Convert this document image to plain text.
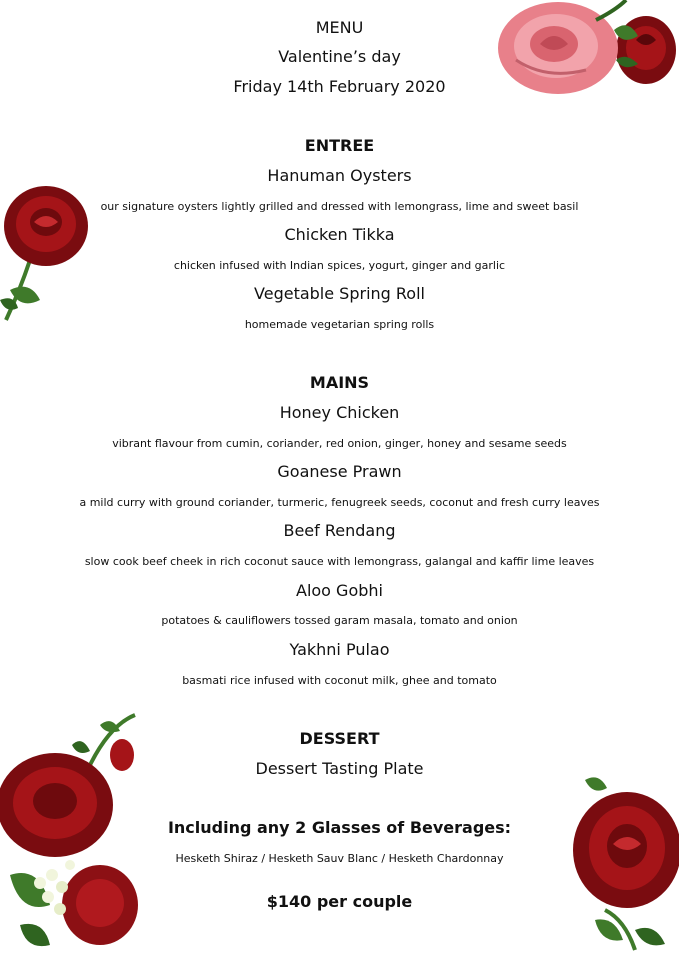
MENU
Valentine’s day
Friday 14th February 2020
ENTREE
Hanuman Oysters
our signature oysters lightly grilled and dressed with lemongrass, lime and sweet basil
Chicken Tikka
chicken infused with Indian spices, yogurt, ginger and garlic
Vegetable Spring Roll
homemade vegetarian spring rolls
MAINS
Honey Chicken
vibrant flavour from cumin, coriander, red onion, ginger, honey and sesame seeds
Goanese Prawn
a mild curry with ground coriander, turmeric, fenugreek seeds, coconut and fresh curry leaves
Beef Rendang
slow cook beef cheek in rich coconut sauce with lemongrass, galangal and kaffir lime leaves
Aloo Gobhi
potatoes & cauliflowers tossed garam masala, tomato and onion
Yakhni Pulao
basmati rice infused with coconut milk, ghee and tomato
DESSERT
Dessert Tasting Plate
Including any 2 Glasses of Beverages:
Hesketh Shiraz / Hesketh Sauv Blanc / Hesketh Chardonnay
$140 per couple
